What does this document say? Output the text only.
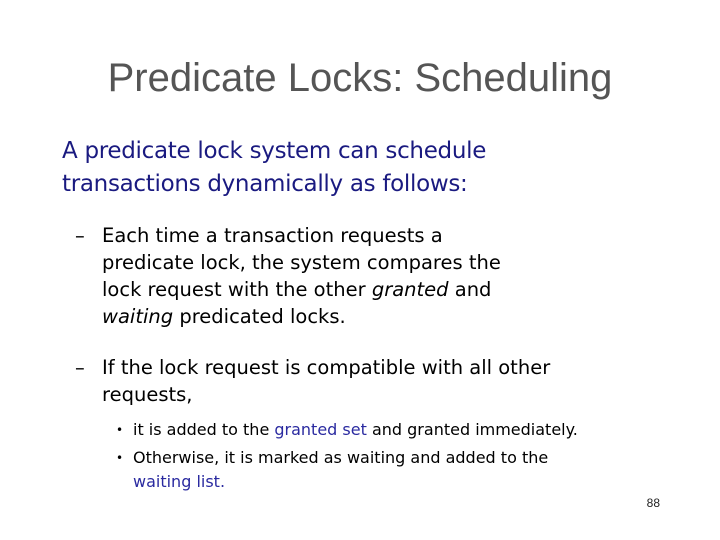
Predicate Locks: Scheduling
A predicate lock system can schedule
transactions dynamically as follows:
– Each time a transaction requests a
predicate lock, the system compares the
lock request with the other granted and
waiting predicated locks.
– If the lock request is compatible with all other
requests,
• it is added to the granted set and granted immediately.
• Otherwise, it is marked as waiting and added to the
waiting list.
88
